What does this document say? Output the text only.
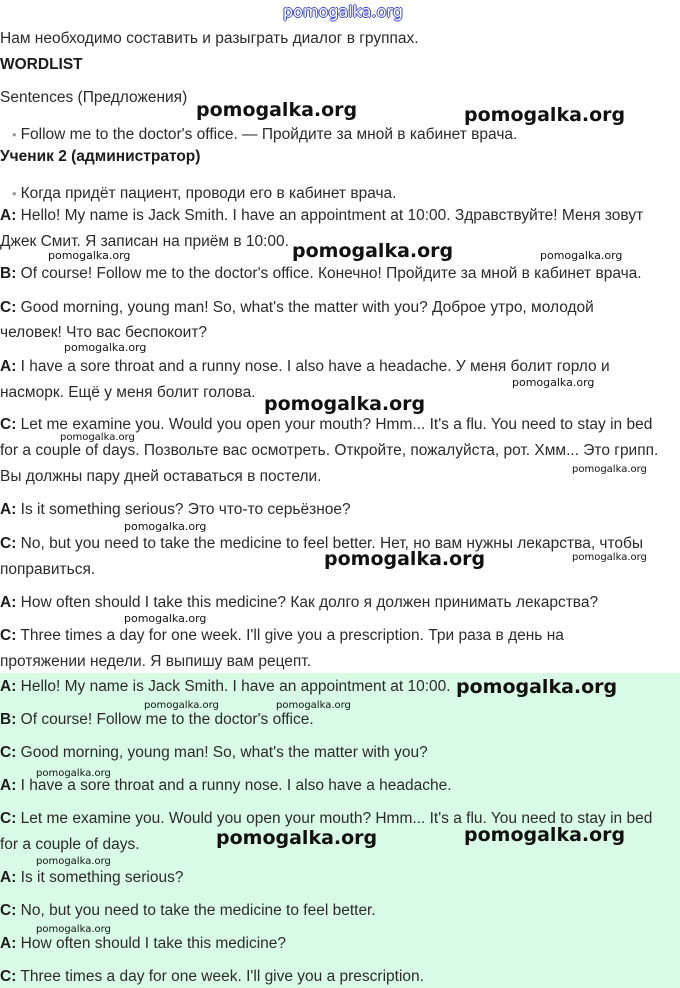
pomogalka.org
Нам необходимо составить и разыграть диалог в группах.
WORDLIST
Sentences (Предложения)
• Follow me to the doctor's office. — Пройдите за мной в кабинет врача.
Ученик 2 (администратор)
• Когда придёт пациент, проводи его в кабинет врача.
A: Hello! My name is Jack Smith. I have an appointment at 10:00. Здравствуйте! Меня зовут
Джек Смит. Я записан на приём в 10:00.
B: Of course! Follow me to the doctor's office. Конечно! Пройдите за мной в кабинет врача.
C: Good morning, young man! So, what's the matter with you? Доброе утро, молодой
человек! Что вас беспокоит?
A: I have a sore throat and a runny nose. I also have a headache. У меня болит горло и
насморк. Ещё у меня болит голова.
C: Let me examine you. Would you open your mouth? Hmm... It's a flu. You need to stay in bed
for a couple of days. Позвольте вас осмотреть. Откройте, пожалуйста, рот. Хмм... Это грипп.
Вы должны пару дней оставаться в постели.
A: Is it something serious? Это что-то серьёзное?
C: No, but you need to take the medicine to feel better. Нет, но вам нужны лекарства, чтобы
поправиться.
A: How often should I take this medicine? Как долго я должен принимать лекарства?
C: Three times a day for one week. I'll give you a prescription. Три раза в день на
протяжении недели. Я выпишу вам рецепт.
A: Hello! My name is Jack Smith. I have an appointment at 10:00.
B: Of course! Follow me to the doctor's office.
C: Good morning, young man! So, what's the matter with you?
A: I have a sore throat and a runny nose. I also have a headache.
C: Let me examine you. Would you open your mouth? Hmm... It's a flu. You need to stay in bed
for a couple of days.
A: Is it something serious?
C: No, but you need to take the medicine to feel better.
A: How often should I take this medicine?
C: Three times a day for one week. I'll give you a prescription.
pomogalka.org	pomogalka.org
pomogalka.org
pomogalka.org	pomogalka.org
pomogalka.org
pomogalka.org
pomogalka.org
pomogalka.org
pomogalka.org
pomogalka.org
pomogalka.org	pomogalka.org
pomogalka.org
pomogalka.org
pomogalka.org	pomogalka.org
pomogalka.org
pomogalka.org	pomogalka.org
pomogalka.org
pomogalka.org
